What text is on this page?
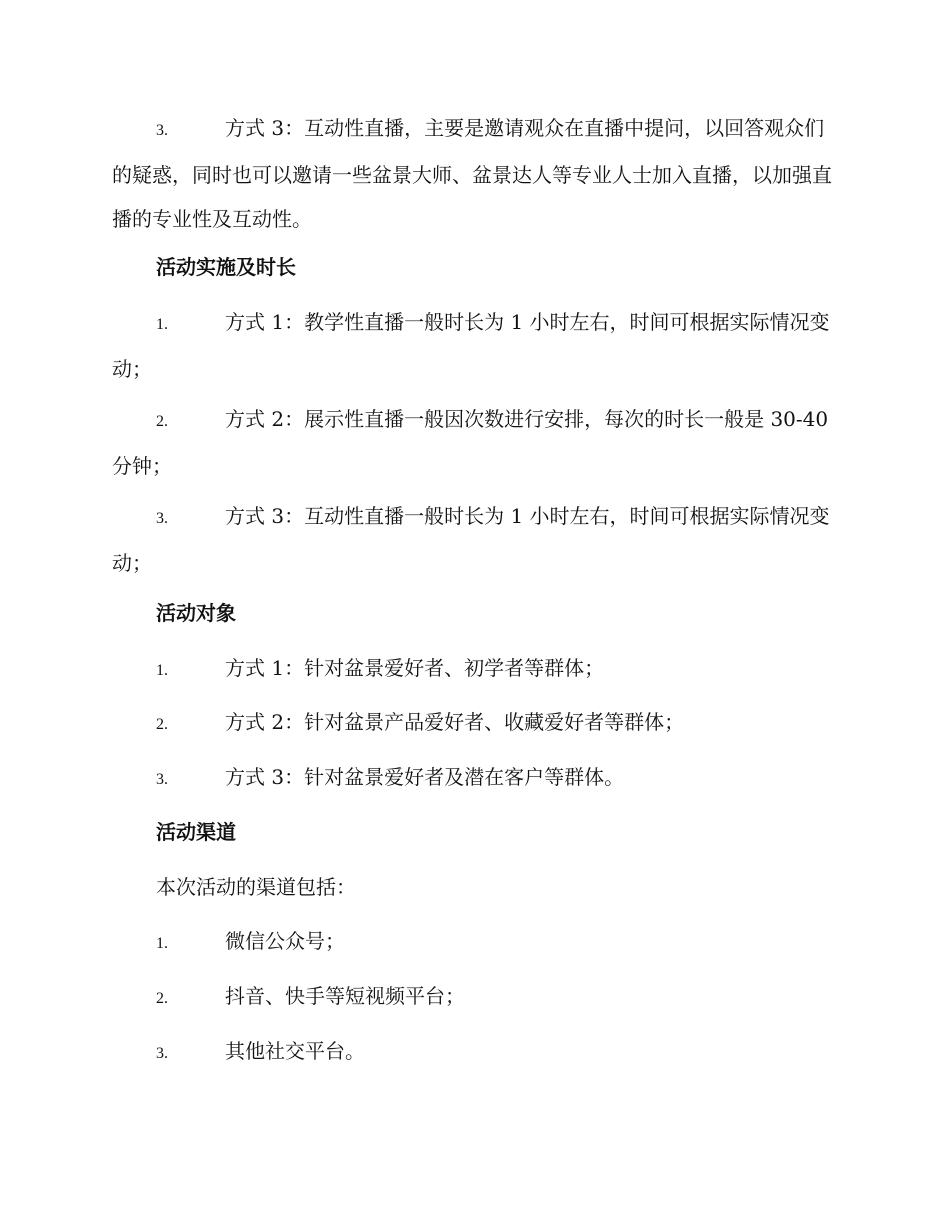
3.	方式 3：互动性直播，主要是邀请观众在直播中提问，以回答观众们的疑惑，同时也可以邀请一些盆景大师、盆景达人等专业人士加入直播，以加强直播的专业性及互动性。
活动实施及时长
1.	方式 1：教学性直播一般时长为 1 小时左右，时间可根据实际情况变动；
2.	方式 2：展示性直播一般因次数进行安排，每次的时长一般是 30-40 分钟；
3.	方式 3：互动性直播一般时长为 1 小时左右，时间可根据实际情况变动；
活动对象
1.	方式 1：针对盆景爱好者、初学者等群体；
2.	方式 2：针对盆景产品爱好者、收藏爱好者等群体；
3.	方式 3：针对盆景爱好者及潜在客户等群体。
活动渠道
本次活动的渠道包括：
1.	微信公众号；
2.	抖音、快手等短视频平台；
3.	其他社交平台。
